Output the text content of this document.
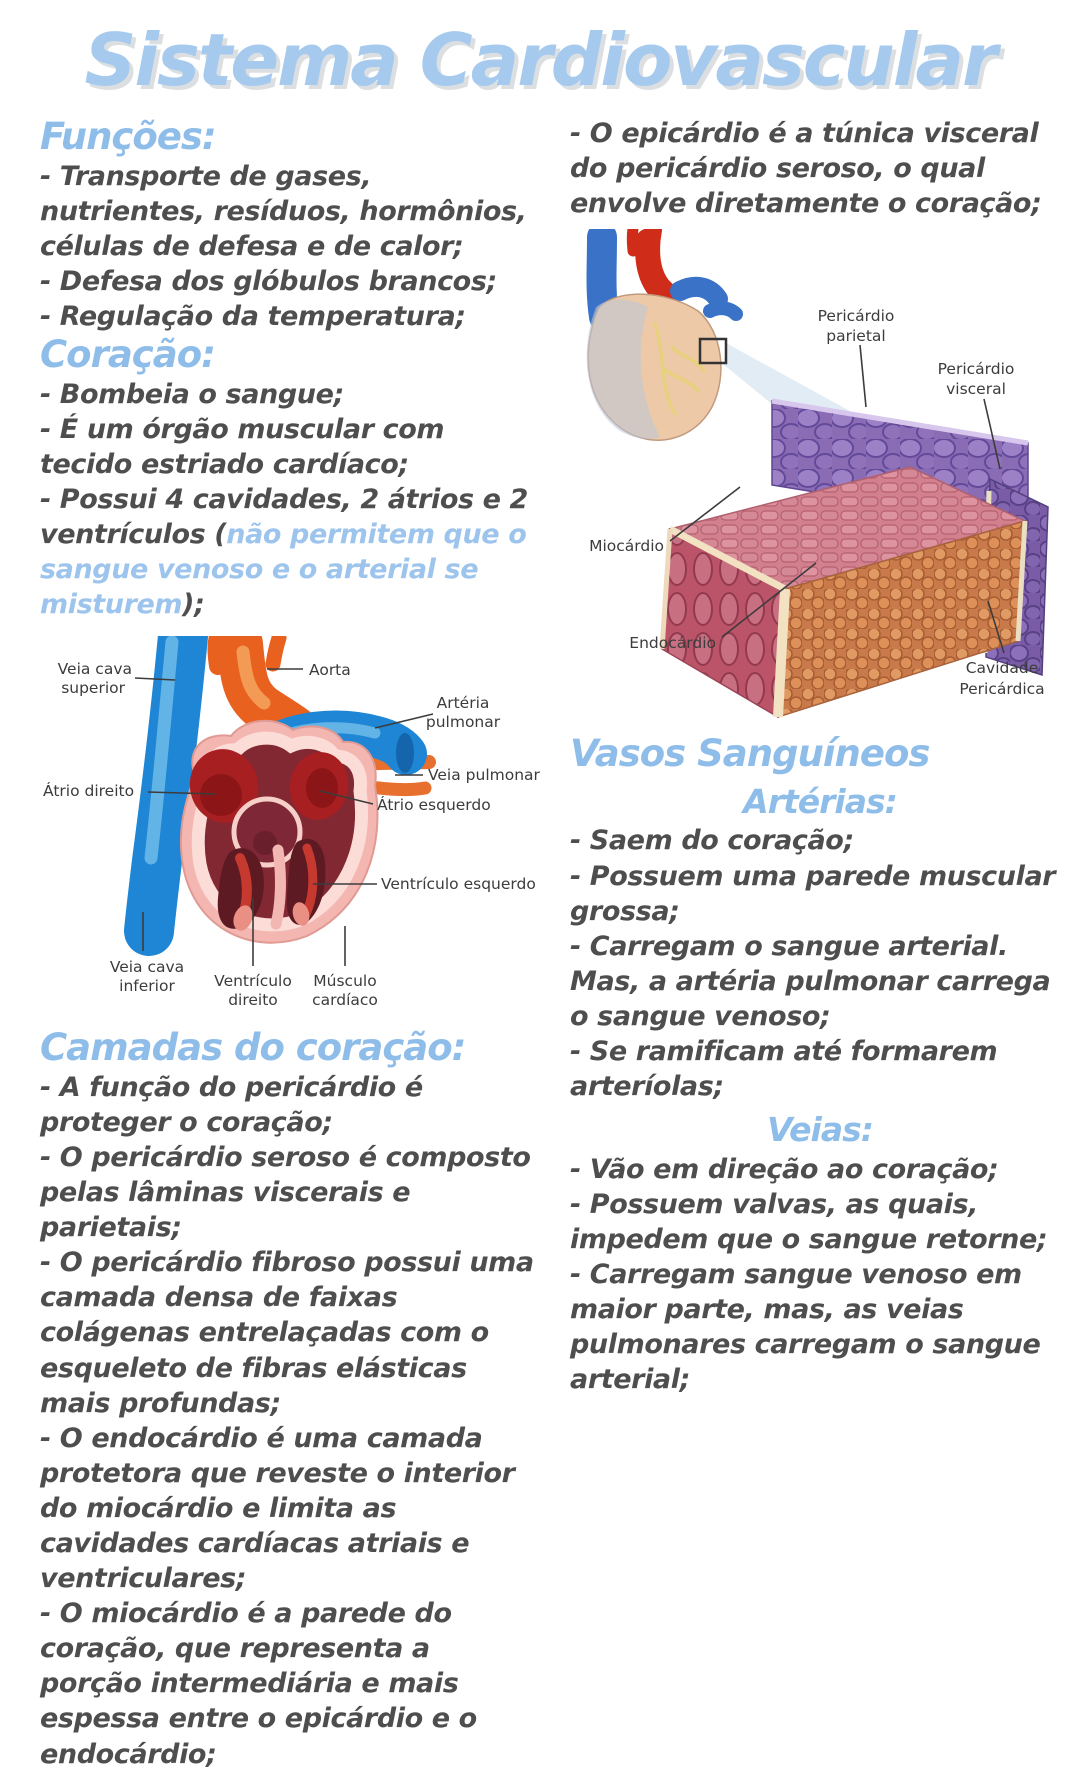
Sistema Cardiovascular
Funções:

- Transporte de gases, nutrientes, resíduos, hormônios, células de defesa e de calor;

- Defesa dos glóbulos brancos;

- Regulação da temperatura;

Coração:

- Bombeia o sangue;

- É um órgão muscular com tecido estriado cardíaco;

- Possui 4 cavidades, 2 átrios e 2 ventrículos (não permitem que o sangue venoso e o arterial se misturem);

Veia cava
superior
Aorta
Artéria
pulmonar
Veia pulmonar
Átrio direito
Átrio esquerdo
Ventrículo esquerdo
Veia cava
inferior	Ventrículo
direito
Músculo
cardíaco
Camadas do coração:

- A função do pericárdio é proteger o coração;

- O pericárdio seroso é composto pelas lâminas viscerais e parietais;

- O pericárdio fibroso possui uma camada densa de faixas colágenas entrelaçadas com o esqueleto de fibras elásticas mais profundas;

- O endocárdio é uma camada protetora que reveste o interior do miocárdio e limita as cavidades cardíacas atriais e ventriculares;

- O miocárdio é a parede do coração, que representa a porção intermediária e mais espessa entre o epicárdio e o endocárdio;

- O epicárdio é a túnica visceral do pericárdio seroso, o qual envolve diretamente o coração;

Pericárdio
parietal
Pericárdio
visceral
Miocárdio
Endocárdio
Cavidade
Pericárdica
Vasos Sanguíneos
Artérias:

- Saem do coração;

- Possuem uma parede muscular grossa;

- Carregam o sangue arterial. Mas, a artéria pulmonar carrega o sangue venoso;

- Se ramificam até formarem arteríolas;

Veias:

- Vão em direção ao coração;

- Possuem valvas, as quais, impedem que o sangue retorne;

- Carregam sangue venoso em maior parte, mas, as veias pulmonares carregam o sangue arterial;
